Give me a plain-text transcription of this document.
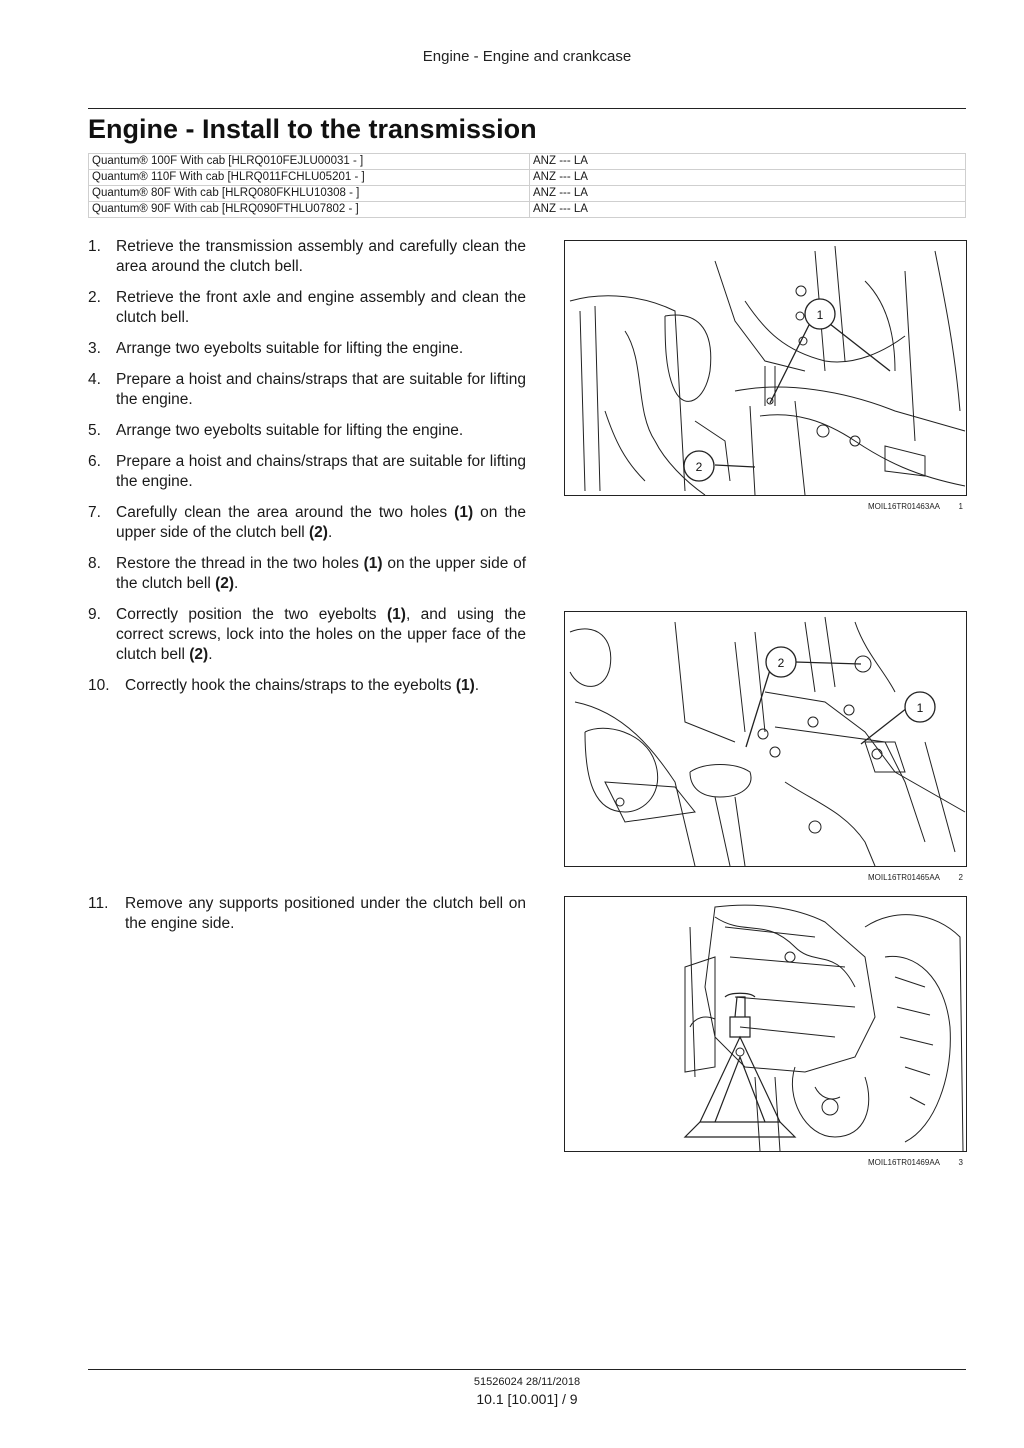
Engine - Engine and crankcase
Engine - Install to the transmission
Quantum® 100F With cab [HLRQ010FEJLU00031 - ]	ANZ --- LA
Quantum® 110F With cab [HLRQ011FCHLU05201 - ]	ANZ --- LA
Quantum® 80F With cab [HLRQ080FKHLU10308 - ]	ANZ --- LA
Quantum® 90F With cab [HLRQ090FTHLU07802 - ]	ANZ --- LA
1. Retrieve the transmission assembly and carefully clean the area around the clutch bell.
2. Retrieve the front axle and engine assembly and clean the clutch bell.
3. Arrange two eyebolts suitable for lifting the engine.
4. Prepare a hoist and chains/straps that are suitable for lifting the engine.
5. Arrange two eyebolts suitable for lifting the engine.
6. Prepare a hoist and chains/straps that are suitable for lifting the engine.
7. Carefully clean the area around the two holes (1) on the upper side of the clutch bell (2).
8. Restore the thread in the two holes (1) on the upper side of the clutch bell (2).
9. Correctly position the two eyebolts (1), and using the correct screws, lock into the holes on the upper face of the clutch bell (2).
10. Correctly hook the chains/straps to the eyebolts (1).
11. Remove any supports positioned under the clutch bell on the engine side.
1
2
MOIL16TR01463AA 1
2
1
MOIL16TR01465AA 2
MOIL16TR01469AA 3
51526024 28/11/2018
10.1 [10.001] / 9
